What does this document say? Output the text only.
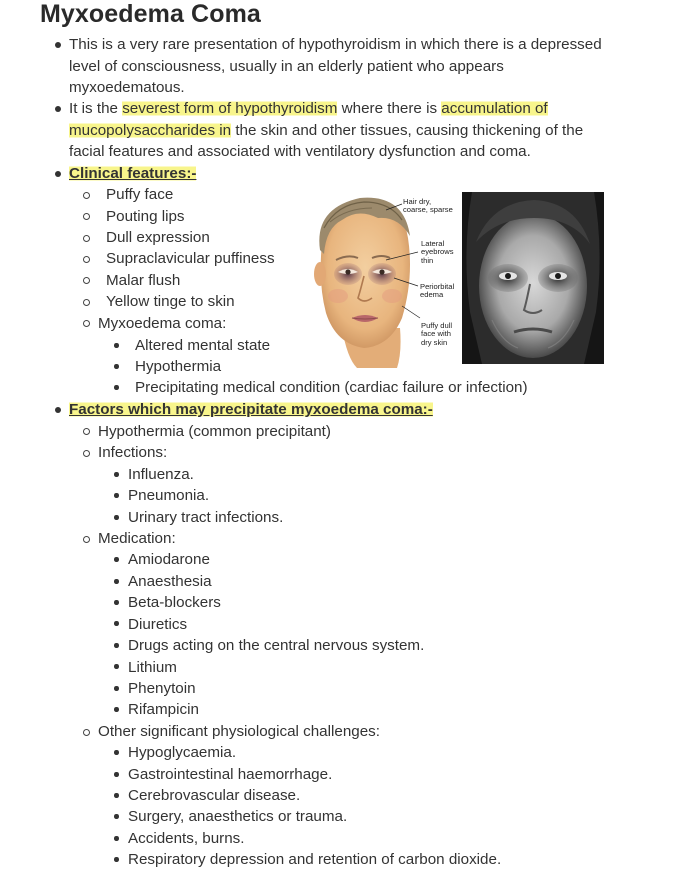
Myxoedema Coma
This is a very rare presentation of hypothyroidism in which there is a depressed
level of consciousness, usually in an elderly patient who appears
myxoedematous.
It is the severest form of hypothyroidism where there is accumulation of
mucopolysaccharides in the skin and other tissues, causing thickening of the
facial features and associated with ventilatory dysfunction and coma.
Clinical features:-
Puffy face
Pouting lips
Dull expression
Supraclavicular puffiness
Malar flush
Yellow tinge to skin
Myxoedema coma:
Altered mental state
Hypothermia
Precipitating medical condition (cardiac failure or infection)
Hair dry,
coarse, sparse
Lateral
eyebrows
thin
Periorbital
edema
Puffy dull
face with
dry skin
Factors which may precipitate myxoedema coma:-
Hypothermia (common precipitant)
Infections:
Influenza.
Pneumonia.
Urinary tract infections.
Medication:
Amiodarone
Anaesthesia
Beta-blockers
Diuretics
Drugs acting on the central nervous system.
Lithium
Phenytoin
Rifampicin
Other significant physiological challenges:
Hypoglycaemia.
Gastrointestinal haemorrhage.
Cerebrovascular disease.
Surgery, anaesthetics or trauma.
Accidents, burns.
Respiratory depression and retention of carbon dioxide.
